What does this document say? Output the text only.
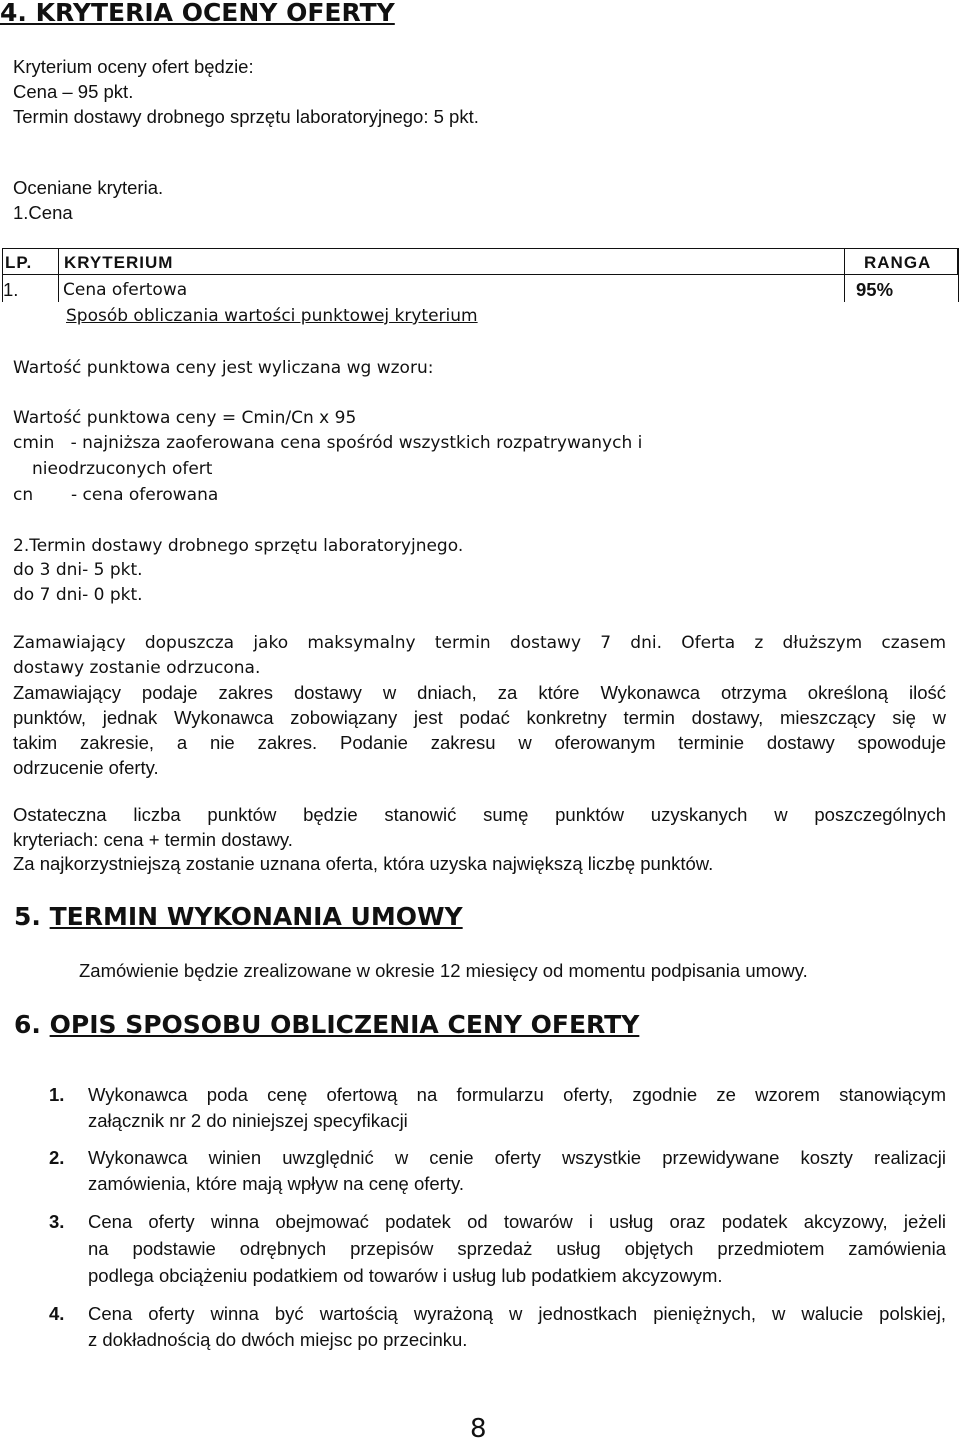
4. KRYTERIA OCENY OFERTY
Kryterium oceny ofert będzie:
Cena – 95 pkt.
Termin dostawy drobnego sprzętu laboratoryjnego: 5 pkt.
Oceniane kryteria.
1.Cena
LP. KRYTERIUM	RANGA
1.	Cena ofertowa	95%
Sposób obliczania wartości punktowej kryterium
Wartość punktowa ceny jest wyliczana wg wzoru:
Wartość punktowa ceny = Cmin/Cn x 95
cmin   - najniższa zaoferowana cena spośród wszystkich rozpatrywanych i
nieodrzuconych ofert
cn       - cena oferowana
2.Termin dostawy drobnego sprzętu laboratoryjnego.
do 3 dni- 5 pkt.
do 7 dni- 0 pkt.
Zamawiający dopuszcza jako maksymalny termin dostawy 7 dni. Oferta z dłuższym czasem
dostawy zostanie odrzucona.
Zamawiający podaje zakres dostawy w dniach, za które Wykonawca otrzyma określoną ilość
punktów, jednak Wykonawca zobowiązany jest podać konkretny termin dostawy, mieszczący się w
takim zakresie, a nie zakres. Podanie zakresu w oferowanym terminie dostawy spowoduje
odrzucenie oferty.
Ostateczna liczba punktów będzie stanowić sumę punktów uzyskanych w poszczególnych
kryteriach: cena + termin dostawy.
Za najkorzystniejszą zostanie uznana oferta, która uzyska największą liczbę punktów.
5. TERMIN WYKONANIA UMOWY
Zamówienie będzie zrealizowane w okresie 12 miesięcy od momentu podpisania umowy.
6. OPIS SPOSOBU OBLICZENIA CENY OFERTY
1. Wykonawca poda cenę ofertową na formularzu oferty, zgodnie ze wzorem stanowiącym
załącznik nr 2 do niniejszej specyfikacji
2. Wykonawca winien uwzględnić w cenie oferty wszystkie przewidywane koszty realizacji
zamówienia, które mają wpływ na cenę oferty.
3. Cena oferty winna obejmować podatek od towarów i usług oraz podatek akcyzowy, jeżeli
na podstawie odrębnych przepisów sprzedaż usług objętych przedmiotem zamówienia
podlega obciążeniu podatkiem od towarów i usług lub podatkiem akcyzowym.
4. Cena oferty winna być wartością wyrażoną w jednostkach pieniężnych, w walucie polskiej,
z dokładnością do dwóch miejsc po przecinku.
8
